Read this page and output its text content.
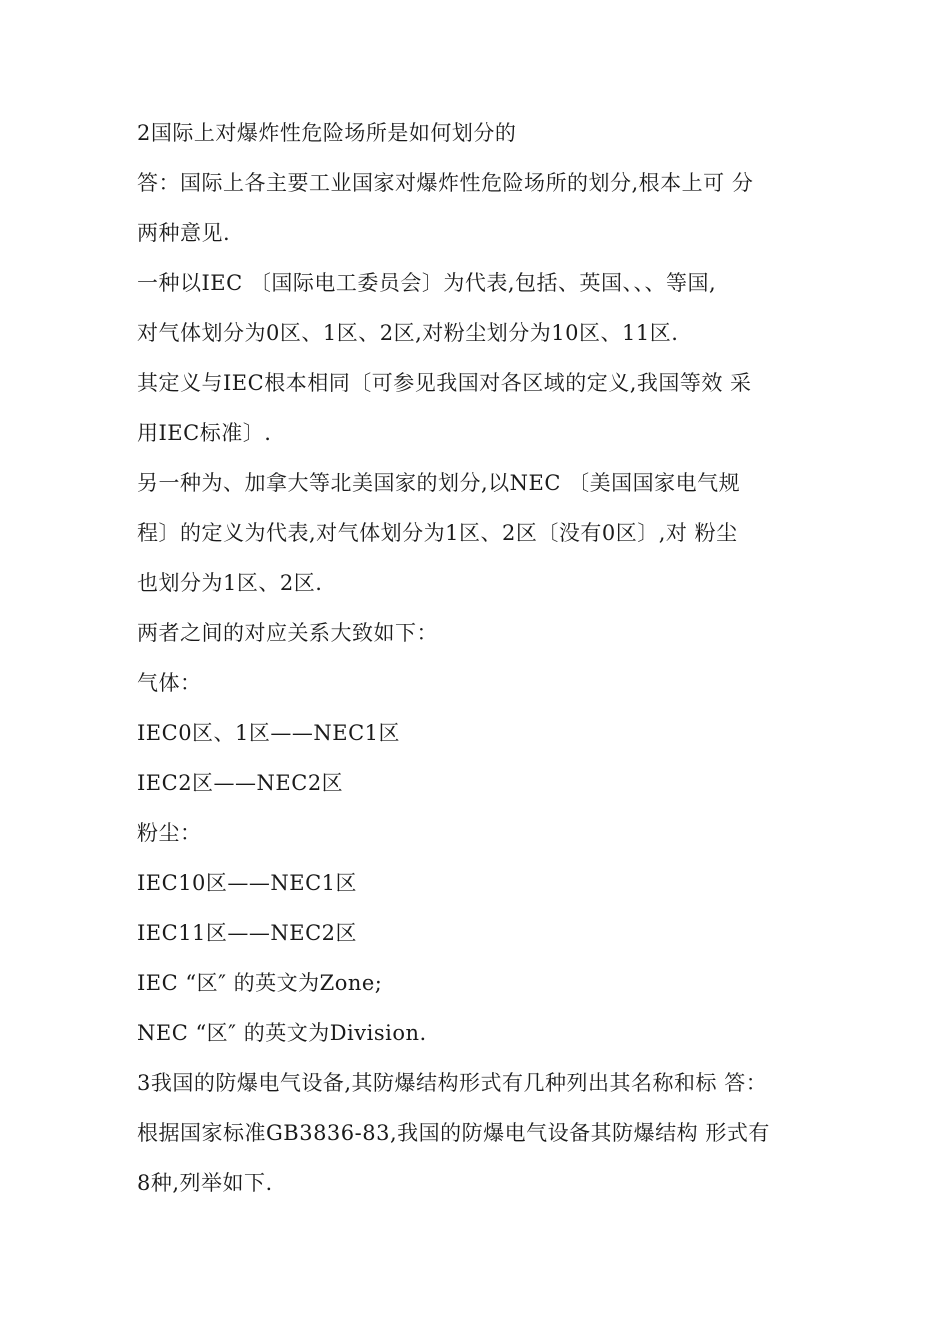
2国际上对爆炸性危险场所是如何划分的
答：国际上各主要工业国家对爆炸性危险场所的划分,根本上可 分
两种意见.
一种以IEC 〔国际电工委员会〕为代表,包括、英国、、、等国,
对气体划分为0区、1区、2区,对粉尘划分为10区、11区.
其定义与IEC根本相同〔可参见我国对各区域的定义,我国等效 采
用IEC标准〕.
另一种为、加拿大等北美国家的划分,以NEC 〔美国国家电气规
程〕的定义为代表,对气体划分为1区、2区〔没有0区〕,对 粉尘
也划分为1区、2区.
两者之间的对应关系大致如下：
气体：
IEC0区、1区——NEC1区
IEC2区——NEC2区
粉尘：
IEC10区——NEC1区
IEC11区——NEC2区
IEC “区″ 的英文为Zone;
NEC “区″ 的英文为Division.
3我国的防爆电气设备,其防爆结构形式有几种列出其名称和标 答：
根据国家标准GB3836-83,我国的防爆电气设备其防爆结构 形式有
8种,列举如下.
